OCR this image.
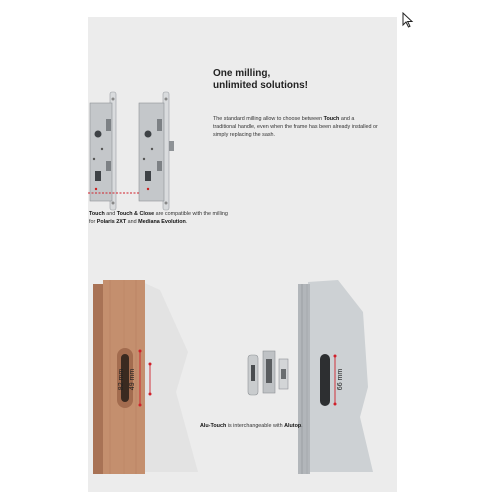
One milling,
unlimited solutions!
The standard milling allow to choose between Touch and a traditional handle, even when the frame has been already installed or simply replacing the sash.
Touch and Touch & Close are compatible with the milling for Polaris 2XT and Mediana Evolution.
82 mm 49 mm	66 mm
Alu-Touch is interchangeable with Alutop.
